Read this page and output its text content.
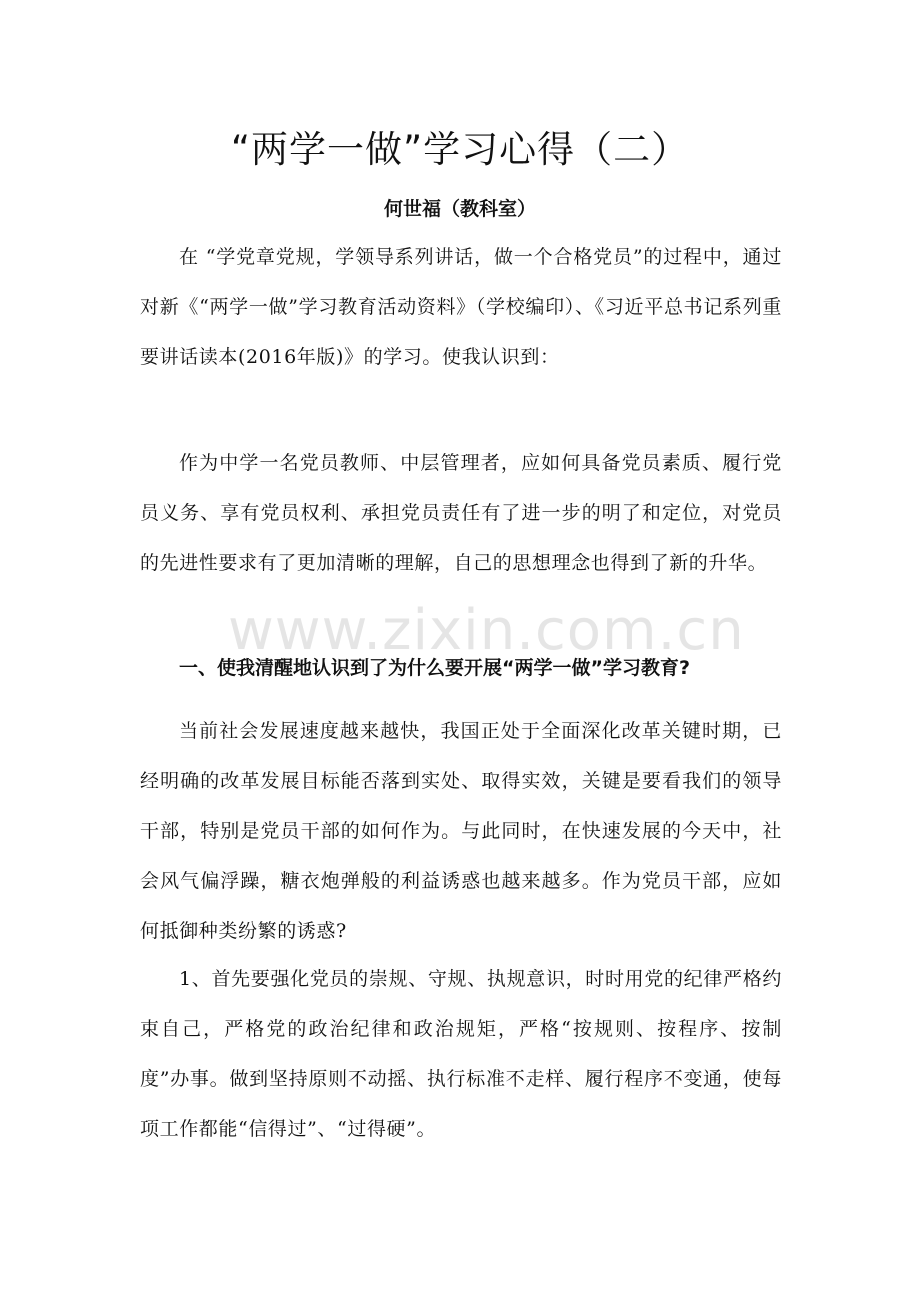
“两学一做”学习心得（二）

何世福（教科室）

在 “学党章党规，学领导系列讲话，做一个合格党员”的过程中，通过对新《“两学一做”学习教育活动资料》（学校编印）、《习近平总书记系列重要讲话读本(2016年版)》的学习。使我认识到：

作为中学一名党员教师、中层管理者，应如何具备党员素质、履行党员义务、享有党员权利、承担党员责任有了进一步的明了和定位，对党员的先进性要求有了更加清晰的理解，自己的思想理念也得到了新的升华。

www.zixin.com.cn

一、使我清醒地认识到了为什么要开展“两学一做”学习教育?

当前社会发展速度越来越快，我国正处于全面深化改革关键时期，已经明确的改革发展目标能否落到实处、取得实效，关键是要看我们的领导干部，特别是党员干部的如何作为。与此同时，在快速发展的今天中，社会风气偏浮躁，糖衣炮弹般的利益诱惑也越来越多。作为党员干部，应如何抵御种类纷繁的诱惑?

1、首先要强化党员的崇规、守规、执规意识，时时用党的纪律严格约束自己，严格党的政治纪律和政治规矩，严格“按规则、按程序、按制度”办事。做到坚持原则不动摇、执行标准不走样、履行程序不变通，使每项工作都能“信得过”、“过得硬”。
